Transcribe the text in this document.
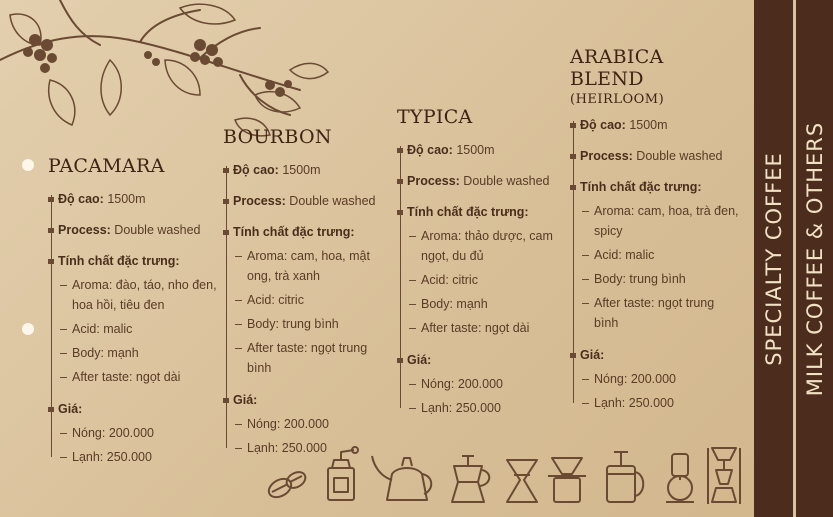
SPECIALTY COFFEE MILK COFFEE & OTHERS
PACAMARA
Độ cao: 1500m
Process: Double washed
Tính chất đặc trưng:
Aroma: đào, táo, nho đen, hoa hồi, tiêu đen
Acid: malic
Body: mạnh
After taste: ngọt dài
Giá:
Nóng: 200.000
Lạnh: 250.000
BOURBON
Độ cao: 1500m
Process: Double washed
Tính chất đặc trưng:
Aroma: cam, hoa, mật ong, trà xanh
Acid: citric
Body: trung bình
After taste: ngọt trung bình
Giá:
Nóng: 200.000
Lạnh: 250.000
TYPICA
Độ cao: 1500m
Process: Double washed
Tính chất đặc trưng:
Aroma: thảo dược, cam ngọt, du đủ
Acid: citric
Body: mạnh
After taste: ngọt dài
Giá:
Nóng: 200.000
Lạnh: 250.000
ARABICA BLEND
(HEIRLOOM)
Độ cao: 1500m
Process: Double washed
Tính chất đặc trưng:
Aroma: cam, hoa, trà đen, spicy
Acid: malic
Body: trung bình
After taste: ngọt trung bình
Giá:
Nóng: 200.000
Lạnh: 250.000
